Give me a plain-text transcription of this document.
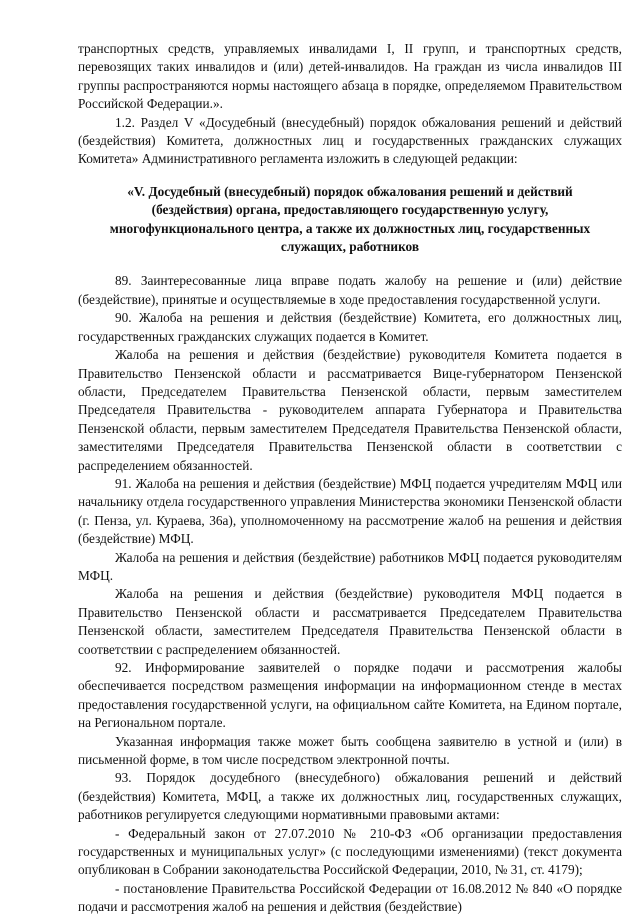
транспортных средств, управляемых инвалидами I, II групп, и транспортных средств, перевозящих таких инвалидов и (или) детей-инвалидов. На граждан из числа инвалидов III группы распространяются нормы настоящего абзаца в порядке, определяемом Правительством Российской Федерации.».

1.2. Раздел V «Досудебный (внесудебный) порядок обжалования решений и действий (бездействия) Комитета, должностных лиц и государственных гражданских служащих Комитета» Административного регламента изложить в следующей редакции:

«V. Досудебный (внесудебный) порядок обжалования решений и действий (бездействия) органа, предоставляющего государственную услугу, многофункционального центра, а также их должностных лиц, государственных служащих, работников

89. Заинтересованные лица вправе подать жалобу на решение и (или) действие (бездействие), принятые и осуществляемые в ходе предоставления государственной услуги.

90. Жалоба на решения и действия (бездействие) Комитета, его должностных лиц, государственных гражданских служащих подается в Комитет.

Жалоба на решения и действия (бездействие) руководителя Комитета подается в Правительство Пензенской области и рассматривается Вице-губернатором Пензенской области, Председателем Правительства Пензенской области, первым заместителем Председателя Правительства - руководителем аппарата Губернатора и Правительства Пензенской области, первым заместителем Председателя Правительства Пензенской области, заместителями Председателя Правительства Пензенской области в соответствии с распределением обязанностей.

91. Жалоба на решения и действия (бездействие) МФЦ подается учредителям МФЦ или начальнику отдела государственного управления Министерства экономики Пензенской области (г. Пенза, ул. Кураева, 36а), уполномоченному на рассмотрение жалоб на решения и действия (бездействие) МФЦ.

Жалоба на решения и действия (бездействие) работников МФЦ подается руководителям МФЦ.

Жалоба на решения и действия (бездействие) руководителя МФЦ подается в Правительство Пензенской области и рассматривается Председателем Правительства Пензенской области, заместителем Председателя Правительства Пензенской области в соответствии с распределением обязанностей.

92. Информирование заявителей о порядке подачи и рассмотрения жалобы обеспечивается посредством размещения информации на информационном стенде в местах предоставления государственной услуги, на официальном сайте Комитета, на Едином портале, на Региональном портале.

Указанная информация также может быть сообщена заявителю в устной и (или) в письменной форме, в том числе посредством электронной почты.

93. Порядок досудебного (внесудебного) обжалования решений и действий (бездействия) Комитета, МФЦ, а также их должностных лиц, государственных служащих, работников регулируется следующими нормативными правовыми актами:

- Федеральный закон от 27.07.2010 № 210-ФЗ «Об организации предоставления государственных и муниципальных услуг» (с последующими изменениями) (текст документа опубликован в Собрании законодательства Российской Федерации, 2010, № 31, ст. 4179);

- постановление Правительства Российской Федерации от 16.08.2012 № 840 «О порядке подачи и рассмотрения жалоб на решения и действия (бездействие)
